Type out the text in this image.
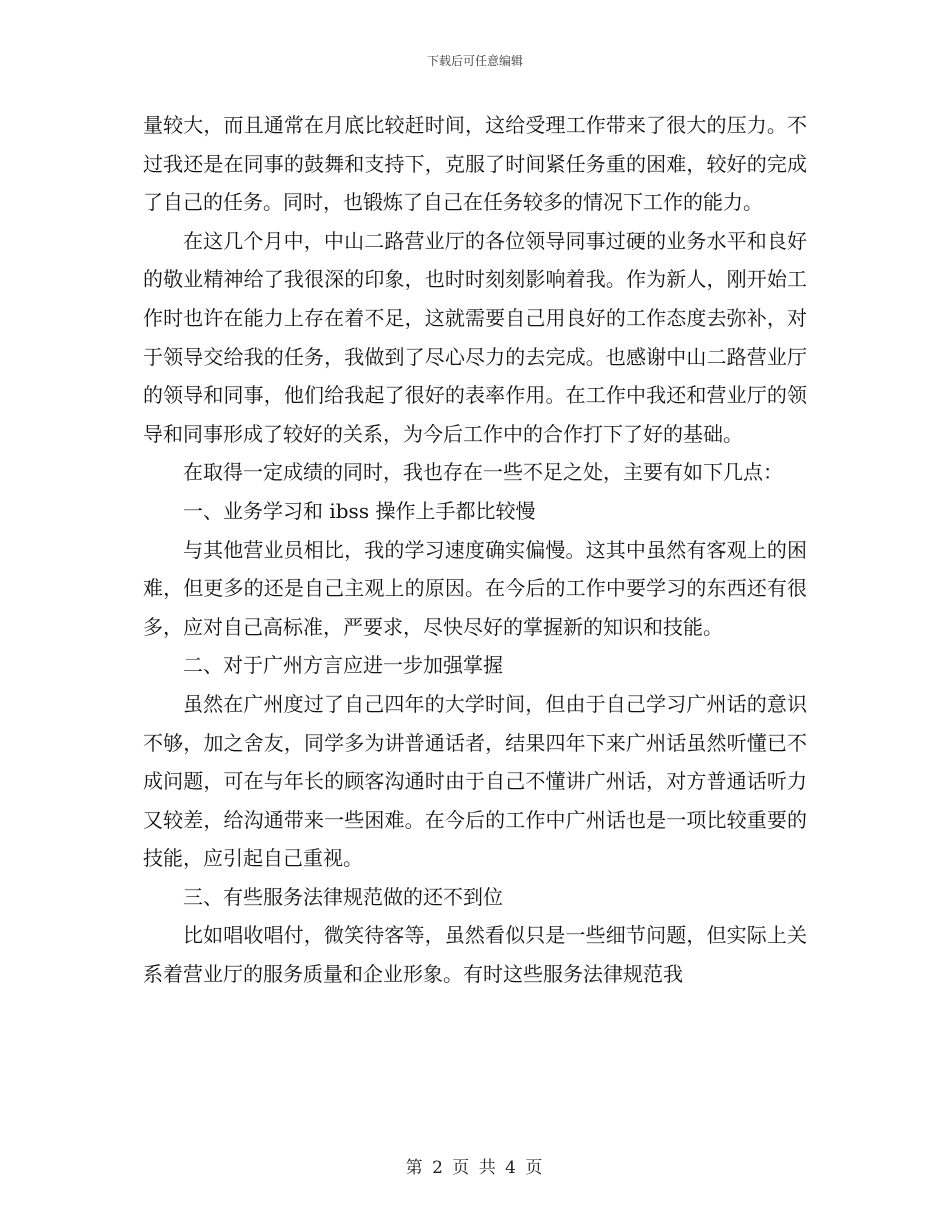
下载后可任意编辑

量较大，而且通常在月底比较赶时间，这给受理工作带来了很大的压力。不过我还是在同事的鼓舞和支持下，克服了时间紧任务重的困难，较好的完成了自己的任务。同时，也锻炼了自己在任务较多的情况下工作的能力。

在这几个月中，中山二路营业厅的各位领导同事过硬的业务水平和良好的敬业精神给了我很深的印象，也时时刻刻影响着我。作为新人，刚开始工作时也许在能力上存在着不足，这就需要自己用良好的工作态度去弥补，对于领导交给我的任务，我做到了尽心尽力的去完成。也感谢中山二路营业厅的领导和同事，他们给我起了很好的表率作用。在工作中我还和营业厅的领导和同事形成了较好的关系，为今后工作中的合作打下了好的基础。

在取得一定成绩的同时，我也存在一些不足之处，主要有如下几点：

一、业务学习和 ibss 操作上手都比较慢

与其他营业员相比，我的学习速度确实偏慢。这其中虽然有客观上的困难，但更多的还是自己主观上的原因。在今后的工作中要学习的东西还有很多，应对自己高标准，严要求，尽快尽好的掌握新的知识和技能。

二、对于广州方言应进一步加强掌握

虽然在广州度过了自己四年的大学时间，但由于自己学习广州话的意识不够，加之舍友，同学多为讲普通话者，结果四年下来广州话虽然听懂已不成问题，可在与年长的顾客沟通时由于自己不懂讲广州话，对方普通话听力又较差，给沟通带来一些困难。在今后的工作中广州话也是一项比较重要的技能，应引起自己重视。

三、有些服务法律规范做的还不到位

比如唱收唱付，微笑待客等，虽然看似只是一些细节问题，但实际上关系着营业厅的服务质量和企业形象。有时这些服务法律规范我

第 2 页 共 4 页
